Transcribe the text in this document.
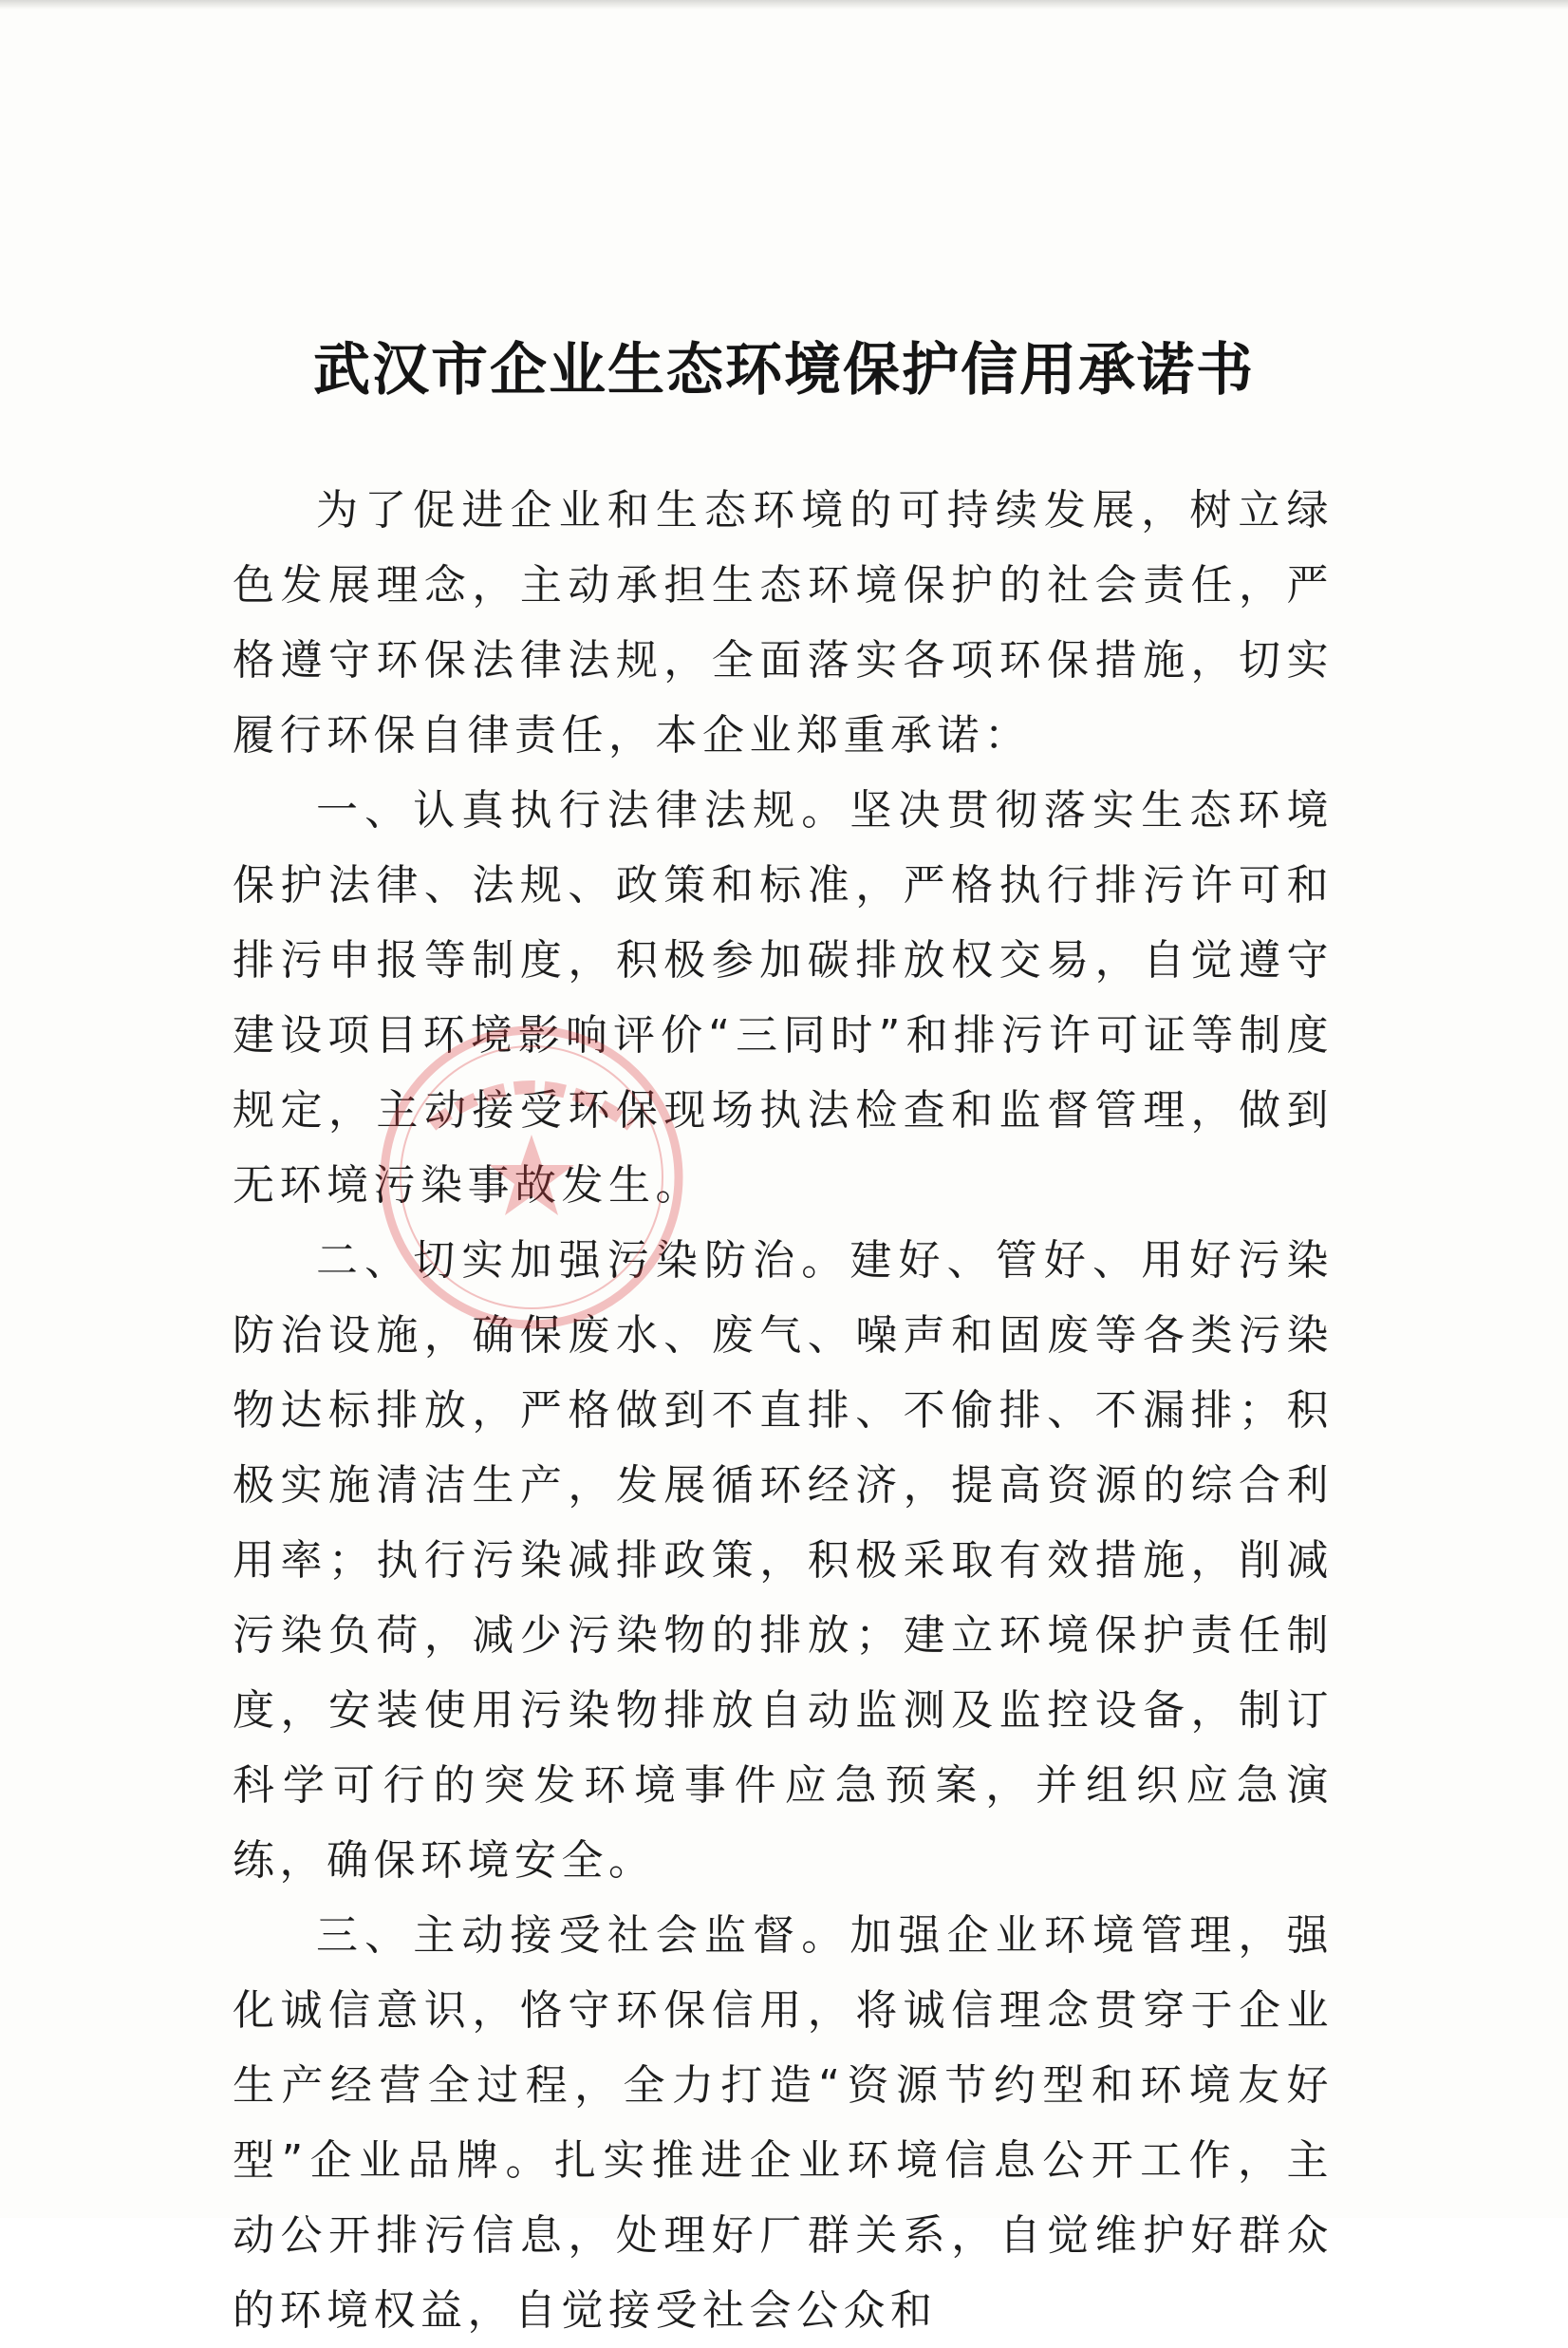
武汉市企业生态环境保护信用承诺书

为了促进企业和生态环境的可持续发展，树立绿色发展理念，主动承担生态环境保护的社会责任，严格遵守环保法律法规，全面落实各项环保措施，切实履行环保自律责任，本企业郑重承诺：

一、认真执行法律法规。坚决贯彻落实生态环境保护法律、法规、政策和标准，严格执行排污许可和排污申报等制度，积极参加碳排放权交易，自觉遵守建设项目环境影响评价“三同时”和排污许可证等制度规定，主动接受环保现场执法检查和监督管理，做到无环境污染事故发生。

二、切实加强污染防治。建好、管好、用好污染防治设施，确保废水、废气、噪声和固废等各类污染物达标排放，严格做到不直排、不偷排、不漏排；积极实施清洁生产，发展循环经济，提高资源的综合利用率；执行污染减排政策，积极采取有效措施，削减污染负荷，减少污染物的排放；建立环境保护责任制度，安装使用污染物排放自动监测及监控设备，制订科学可行的突发环境事件应急预案，并组织应急演练，确保环境安全。

三、主动接受社会监督。加强企业环境管理，强化诚信意识，恪守环保信用，将诚信理念贯穿于企业生产经营全过程，全力打造“资源节约型和环境友好型”企业品牌。扎实推进企业环境信息公开工作，主动公开排污信息，处理好厂群关系，自觉维护好群众的环境权益，自觉接受社会公众和
